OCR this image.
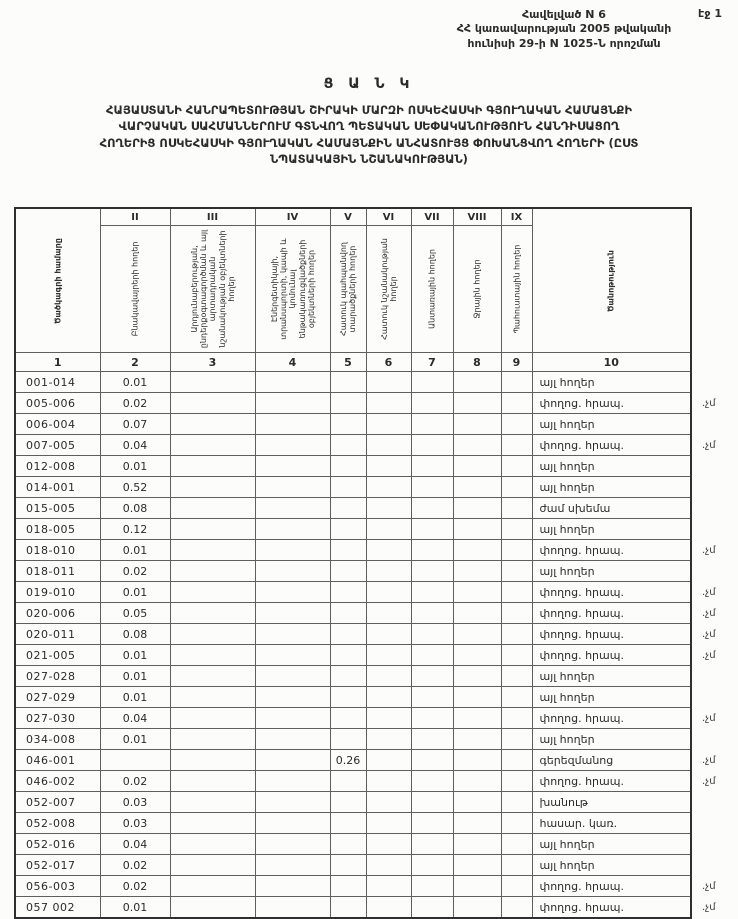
էջ 1
Հավելված N 6
ՀՀ կառավարության 2005 թվականի
հունիսի 29-ի N 1025-Ն որոշման
Ց Ա Ն Կ
ՀԱՅԱՍՏԱՆԻ ՀԱՆՐԱՊԵՏՈՒԹՅԱՆ ՇԻՐԱԿԻ ՄԱՐԶԻ ՈՍԿԵՀԱՍԿԻ ԳՅՈՒՂԱԿԱՆ ՀԱՄԱՅՆՔԻ
ՎԱՐՉԱԿԱՆ ՍԱՀՄԱՆՆԵՐՈՒՄ ԳՏՆՎՈՂ ՊԵՏԱԿԱՆ ՍԵՓԱԿԱՆՈՒԹՅՈՒՆ ՀԱՆԴԻՍԱՑՈՂ
ՀՈՂԵՐԻՑ ՈՍԿԵՀԱՍԿԻ ԳՅՈՒՂԱԿԱՆ ՀԱՄԱՅՆՔԻՆ ԱՆՀԱՏՈՒՅՑ ՓՈԽԱՆՑՎՈՂ ՀՈՂԵՐԻ (ԸՍՏ
ՆՊԱՏԱԿԱՅԻՆ ՆՇԱՆԱԿՈՒԹՅԱՆ)
Ծածկագրի համարը	II	III	IV	V	VI	VII	VIII	IX	Ծանոթություն	

	Բնակավայրերի հողեր	Արդյունաբերության, ընդերքօգտագործման և այլ արտադրական նշանակության օբյեկտների հողեր	Էներգետիկայի, տրանսպորտի, կապի և կոմունալ ենթակառուցվածքների օբյեկտների հողեր	Հատուկ պահպանվող տարածքների հողեր	Հատուկ նշանակության հողեր	Անտառային հողեր	Ջրային հողեր	Պահուստային հողեր		

1	2	3	4	5	6	7	8	9	10	
001-014	0.01								այլ հողեր	
005-006	0.02								փողոց. հրապ.	.չմ
006-004	0.07								այլ հողեր	
007-005	0.04								փողոց. հրապ.	.չմ
012-008	0.01								այլ հողեր	
014-001	0.52								այլ հողեր	
015-005	0.08								ժամ սխեմա	
018-005	0.12								այլ հողեր	
018-010	0.01								փողոց. հրապ.	.չմ
018-011	0.02								այլ հողեր	
019-010	0.01								փողոց. հրապ.	.չմ
020-006	0.05								փողոց. հրապ.	.չմ
020-011	0.08								փողոց. հրապ.	.չմ
021-005	0.01								փողոց. հրապ.	.չմ
027-028	0.01								այլ հողեր	
027-029	0.01								այլ հողեր	
027-030	0.04								փողոց. հրապ.	.չմ
034-008	0.01								այլ հողեր	
046-001				0.26					գերեզմանոց	.չմ
046-002	0.02								փողոց. հրապ.	.չմ
052-007	0.03								խանութ	
052-008	0.03								հասար. կառ.	
052-016	0.04								այլ հողեր	
052-017	0.02								այլ հողեր	
056-003	0.02								փողոց. հրապ.	.չմ
057 002	0.01								փողոց. հրապ.	.չմ
